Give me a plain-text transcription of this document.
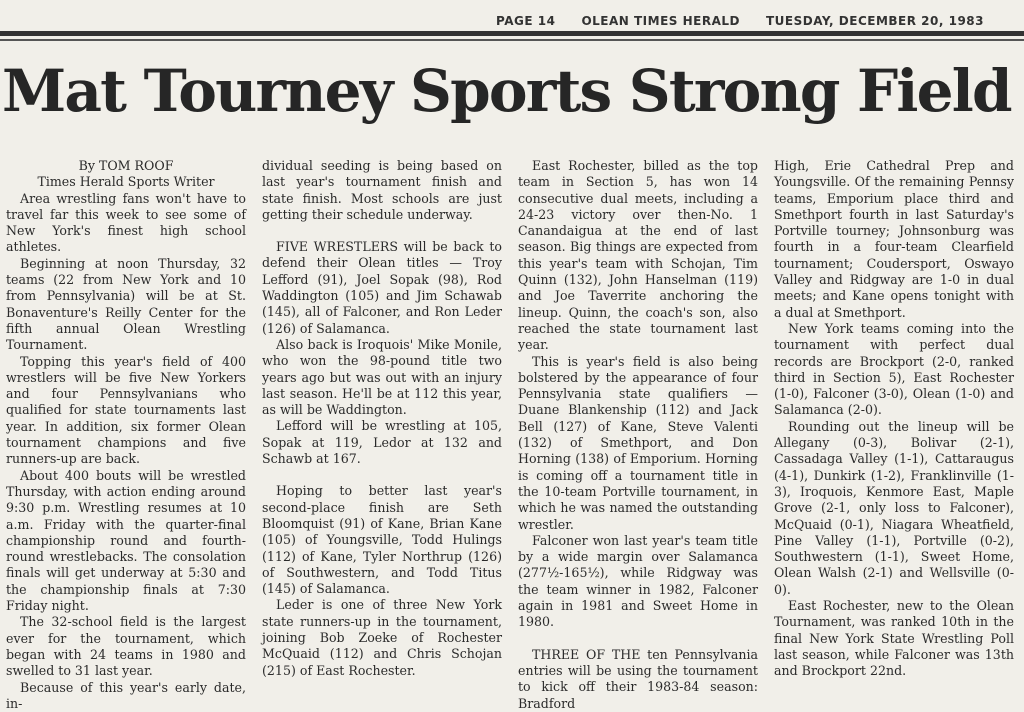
PAGE 14 OLEAN TIMES HERALD TUESDAY, DECEMBER 20, 1983
Mat Tourney Sports Strong Field
By TOM ROOF
Times Herald Sports Writer

Area wrestling fans won't have to travel far this week to see some of New York's finest high school athletes.

Beginning at noon Thursday, 32 teams (22 from New York and 10 from Pennsylvania) will be at St. Bonaventure's Reilly Center for the fifth annual Olean Wrestling Tournament.

Topping this year's field of 400 wrestlers will be five New Yorkers and four Pennsylvanians who qualified for state tournaments last year. In addition, six former Olean tournament champions and five runners-up are back.

About 400 bouts will be wrestled Thursday, with action ending around 9:30 p.m. Wrestling resumes at 10 a.m. Friday with the quarter-final championship round and fourth-round wrestlebacks. The consolation finals will get underway at 5:30 and the championship finals at 7:30 Friday night.

The 32-school field is the largest ever for the tournament, which began with 24 teams in 1980 and swelled to 31 last year.

Because of this year's early date, in-

dividual seeding is being based on last year's tournament finish and state finish. Most schools are just getting their schedule underway.

FIVE WRESTLERS will be back to defend their Olean titles — Troy Lefford (91), Joel Sopak (98), Rod Waddington (105) and Jim Schawab (145), all of Falconer, and Ron Leder (126) of Salamanca.

Also back is Iroquois' Mike Monile, who won the 98-pound title two years ago but was out with an injury last season. He'll be at 112 this year, as will be Waddington.

Lefford will be wrestling at 105, Sopak at 119, Ledor at 132 and Schawb at 167.

Hoping to better last year's second-place finish are Seth Bloomquist (91) of Kane, Brian Kane (105) of Youngsville, Todd Hulings (112) of Kane, Tyler Northrup (126) of Southwestern, and Todd Titus (145) of Salamanca.

Leder is one of three New York state runners-up in the tournament, joining Bob Zoeke of Rochester McQuaid (112) and Chris Schojan (215) of East Rochester.

East Rochester, billed as the top team in Section 5, has won 14 consecutive dual meets, including a 24-23 victory over then-No. 1 Canandaigua at the end of last season. Big things are expected from this year's team with Schojan, Tim Quinn (132), John Hanselman (119) and Joe Taverrite anchoring the lineup. Quinn, the coach's son, also reached the state tournament last year.

This is year's field is also being bolstered by the appearance of four Pennsylvania state qualifiers — Duane Blankenship (112) and Jack Bell (127) of Kane, Steve Valenti (132) of Smethport, and Don Horning (138) of Emporium. Horning is coming off a tournament title in the 10-team Portville tournament, in which he was named the outstanding wrestler.

Falconer won last year's team title by a wide margin over Salamanca (277½-165½), while Ridgway was the team winner in 1982, Falconer again in 1981 and Sweet Home in 1980.

THREE OF THE ten Pennsylvania entries will be using the tournament to kick off their 1983-84 season: Bradford

High, Erie Cathedral Prep and Youngsville. Of the remaining Pennsy teams, Emporium place third and Smethport fourth in last Saturday's Portville tourney; Johnsonburg was fourth in a four-team Clearfield tournament; Coudersport, Oswayo Valley and Ridgway are 1-0 in dual meets; and Kane opens tonight with a dual at Smethport.

New York teams coming into the tournament with perfect dual records are Brockport (2-0, ranked third in Section 5), East Rochester (1-0), Falconer (3-0), Olean (1-0) and Salamanca (2-0).

Rounding out the lineup will be Allegany (0-3), Bolivar (2-1), Cassadaga Valley (1-1), Cattaraugus (4-1), Dunkirk (1-2), Franklinville (1-3), Iroquois, Kenmore East, Maple Grove (2-1, only loss to Falconer), McQuaid (0-1), Niagara Wheatfield, Pine Valley (1-1), Portville (0-2), Southwestern (1-1), Sweet Home, Olean Walsh (2-1) and Wellsville (0-0).

East Rochester, new to the Olean Tournament, was ranked 10th in the final New York State Wrestling Poll last season, while Falconer was 13th and Brockport 22nd.
